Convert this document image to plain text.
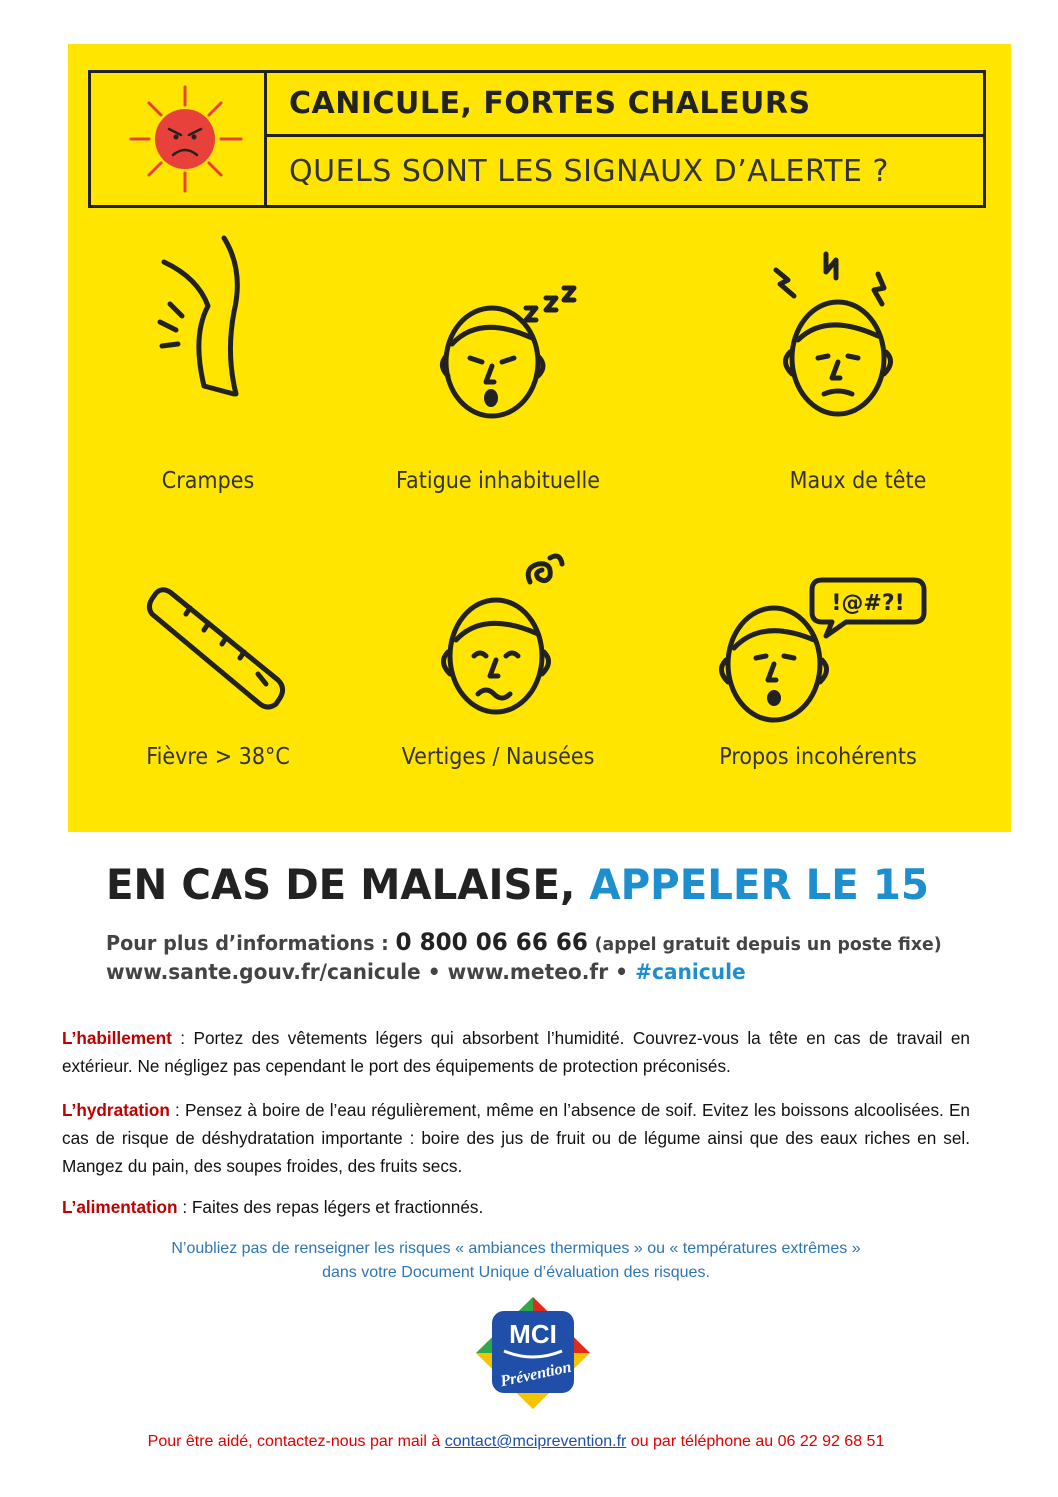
CANICULE, FORTES CHALEURS
QUELS SONT LES SIGNAUX D’ALERTE ?
Crampes	Fatigue inhabituelle	Maux de tête
Fièvre > 38°C	Vertiges / Nausées
!@#?!
Propos incohérents
EN CAS DE MALAISE, APPELER LE 15
Pour plus d’informations : 0 800 06 66 66 (appel gratuit depuis un poste fixe)
www.sante.gouv.fr/canicule • www.meteo.fr • #canicule
L’habillement : Portez des vêtements légers qui absorbent l’humidité. Couvrez-vous la tête en cas de travail en extérieur. Ne négligez pas cependant le port des équipements de protection préconisés.
L’hydratation : Pensez à boire de l’eau régulièrement, même en l’absence de soif. Evitez les boissons alcoolisées. En cas de risque de déshydratation importante : boire des jus de fruit ou de légume ainsi que des eaux riches en sel. Mangez du pain, des soupes froides, des fruits secs.
L’alimentation : Faites des repas légers et fractionnés.
N’oubliez pas de renseigner les risques « ambiances thermiques » ou « températures extrêmes »
dans votre Document Unique d’évaluation des risques.
MCI
Prévention
Pour être aidé, contactez-nous par mail à contact@mciprevention.fr ou par téléphone au 06 22 92 68 51
